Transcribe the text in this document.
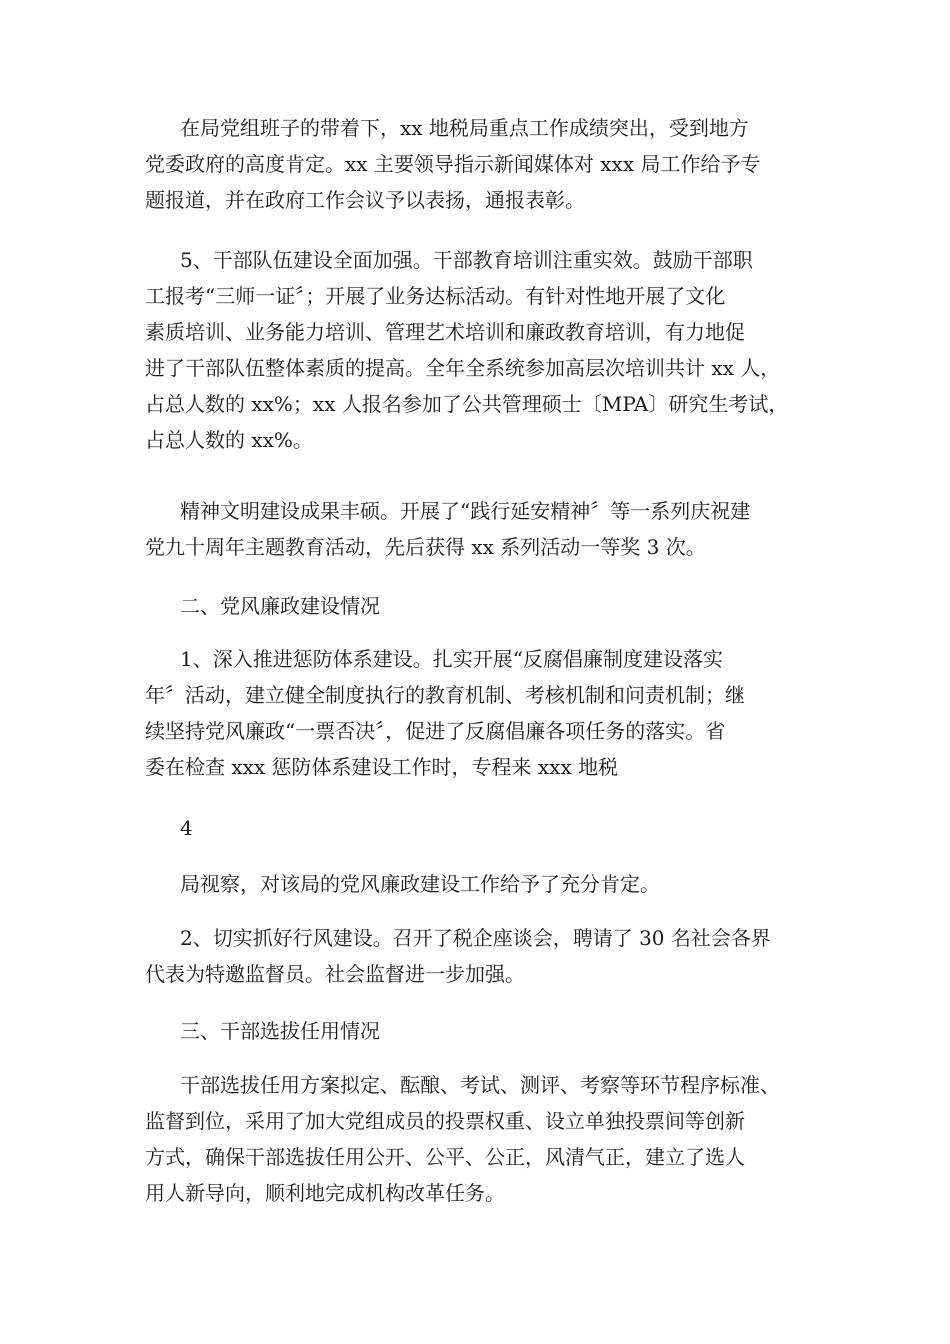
在局党组班子的带着下，xx 地税局重点工作成绩突出，受到地方
党委政府的高度肯定。xx 主要领导指示新闻媒体对 xxx 局工作给予专
题报道，并在政府工作会议予以表扬，通报表彰。

5、干部队伍建设全面加强。干部教育培训注重实效。鼓励干部职
工报考“三师一证〞；开展了业务达标活动。有针对性地开展了文化
素质培训、业务能力培训、管理艺术培训和廉政教育培训，有力地促
进了干部队伍整体素质的提高。全年全系统参加高层次培训共计 xx 人，
占总人数的 xx%；xx 人报名参加了公共管理硕士〔MPA〕研究生考试，
占总人数的 xx%。

精神文明建设成果丰硕。开展了“践行延安精神〞等一系列庆祝建
党九十周年主题教育活动，先后获得 xx 系列活动一等奖 3 次。

二、党风廉政建设情况

1、深入推进惩防体系建设。扎实开展“反腐倡廉制度建设落实
年〞活动，建立健全制度执行的教育机制、考核机制和问责机制；继
续坚持党风廉政“一票否决〞，促进了反腐倡廉各项任务的落实。省
委在检查 xxx 惩防体系建设工作时，专程来 xxx 地税

4

局视察，对该局的党风廉政建设工作给予了充分肯定。

2、切实抓好行风建设。召开了税企座谈会，聘请了 30 名社会各界
代表为特邀监督员。社会监督进一步加强。

三、干部选拔任用情况

干部选拔任用方案拟定、酝酿、考试、测评、考察等环节程序标准、
监督到位，采用了加大党组成员的投票权重、设立单独投票间等创新
方式，确保干部选拔任用公开、公平、公正，风清气正，建立了选人
用人新导向，顺利地完成机构改革任务。
